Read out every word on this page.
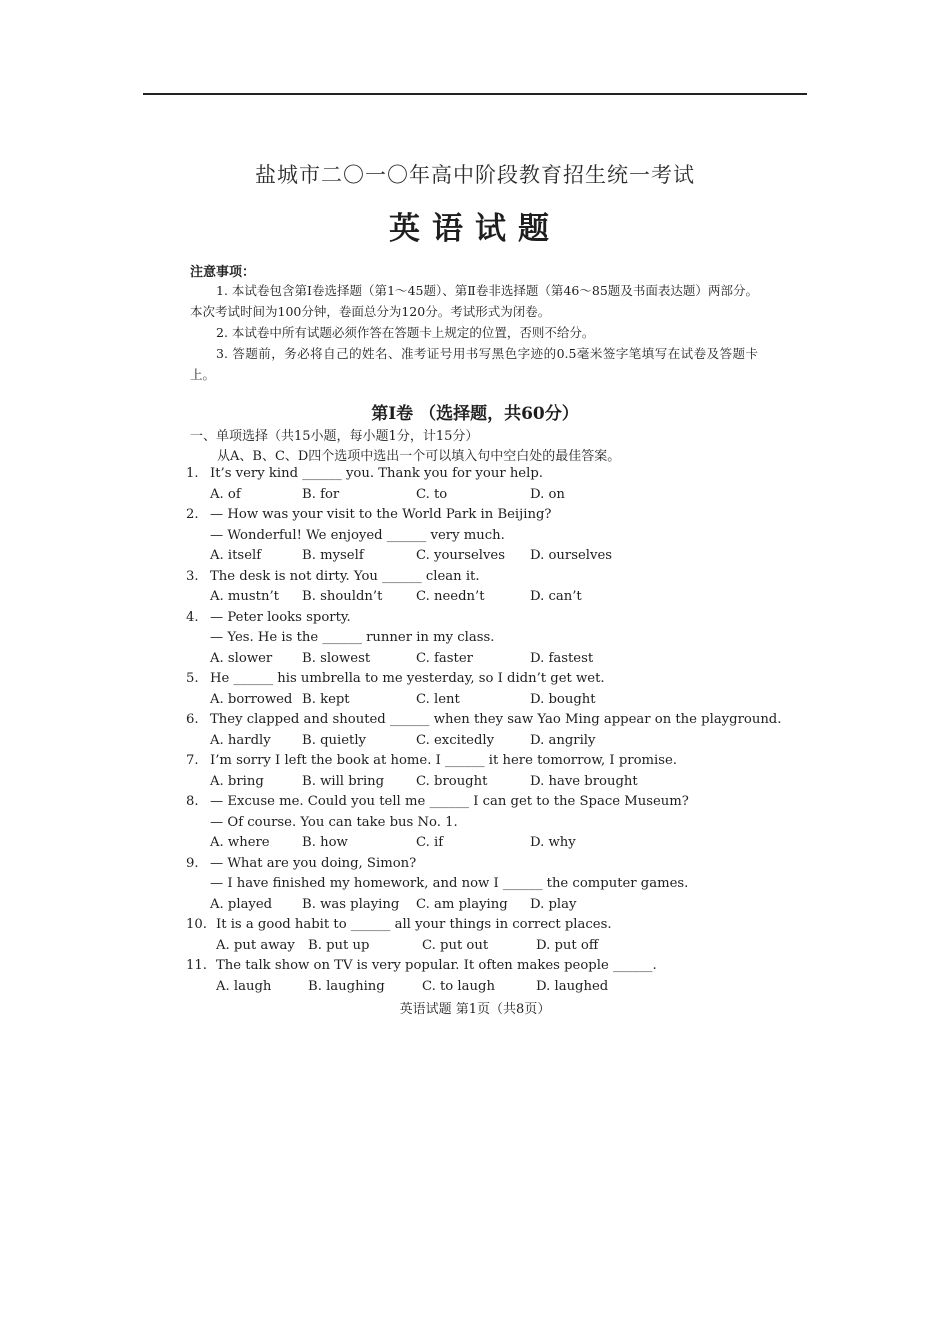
盐城市二〇一〇年高中阶段教育招生统一考试
英语试题
注意事项：

1. 本试卷包含第Ⅰ卷选择题（第1～45题）、第Ⅱ卷非选择题（第46～85题及书面表达题）两部分。本次考试时间为100分钟，卷面总分为120分。考试形式为闭卷。

2. 本试卷中所有试题必须作答在答题卡上规定的位置，否则不给分。

3. 答题前，务必将自己的姓名、准考证号用书写黑色字迹的0.5毫米签字笔填写在试卷及答题卡上。

第Ⅰ卷 （选择题，共60分）
一、单项选择（共15小题，每小题1分，计15分）
从A、B、C、D四个选项中选出一个可以填入句中空白处的最佳答案。
1. It’s very kind ______ you. Thank you for your help.
A. of	B. for	C. to	D. on
2. — How was your visit to the World Park in Beijing?
— Wonderful! We enjoyed ______ very much.
A. itself	B. myself	C. yourselves	D. ourselves
3. The desk is not dirty. You ______ clean it.
A. mustn’t	B. shouldn’t	C. needn’t	D. can’t
4. — Peter looks sporty.
— Yes. He is the ______ runner in my class.
A. slower	B. slowest	C. faster	D. fastest
5. He ______ his umbrella to me yesterday, so I didn’t get wet.
A. borrowed B. kept	C. lent	D. bought
6. They clapped and shouted ______ when they saw Yao Ming appear on the playground.
A. hardly	B. quietly	C. excitedly	D. angrily
7. I’m sorry I left the book at home. I ______ it here tomorrow, I promise.
A. bring	B. will bring	C. brought	D. have brought
8. — Excuse me. Could you tell me ______ I can get to the Space Museum?
— Of course. You can take bus No. 1.
A. where	B. how	C. if	D. why
9. — What are you doing, Simon?
— I have finished my homework, and now I ______ the computer games.
A. played	B. was playing	C. am playing	D. play
10. It is a good habit to ______ all your things in correct places.
A. put away	B. put up	C. put out	D. put off
11. The talk show on TV is very popular. It often makes people ______.
A. laugh	B. laughing	C. to laugh	D. laughed
英语试题 第1页（共8页）
